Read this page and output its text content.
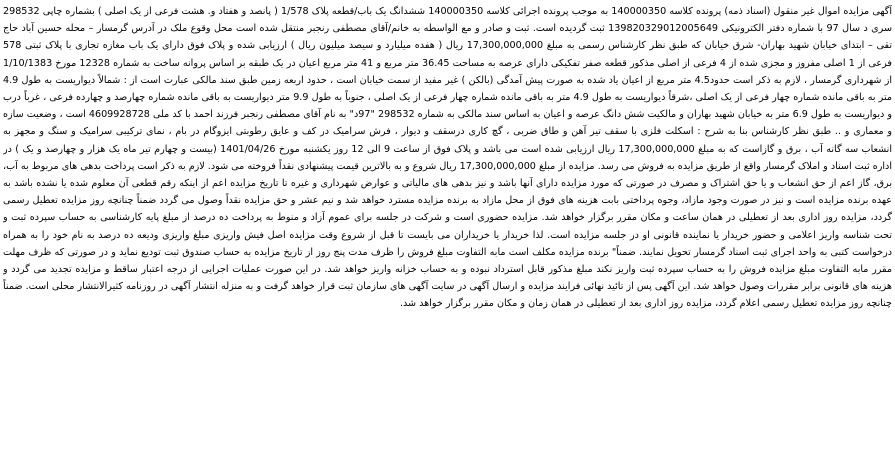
آگهی مزایده اموال غیر منقول (اسناد ذمه) پرونده کلاسه 140000350 به موجب پرونده اجرائی کلاسه 140000350 ششدانگ یک باب/قطعه پلاک 1/578 ( پانصد و هفتاد و. هشت فرعی از یک اصلی ) بشماره چاپی 298532 سری د سال 97 با شماره دفتر الکترونیکی 139820329012005649 ثبت گردیده است. ثبت و صادر و مع الواسطه به خانم/آقای مصطفی رنجبر منتقل شده است محل وقوع ملک در آدرس گرمسار – محله حسین آباد حاج تقی – ابتدای خیابان شهید بهاران- شرق خیابان که طبق نظر کارشناس رسمی به مبلغ 17,300,000,000 ریال ( هفده میلیارد و سیصد میلیون ریال ) ارزیابی شده و پلاک فوق دارای یک باب مغازه تجاری با پلاک ثبتی 578 فرعی از 1 اصلی مفروز و مجزی شده از 4 فرعی از اصلی مذکور قطعه صفر تفکیکی دارای عرصه به مساحت 36.45 متر مربع و 41 متر مربع اعیان در یک طبقه بر اساس پروانه ساخت به شماره 12328 مورخ 1/10/1383 از شهرداری گرمسار ، لازم به ذکر است حدود4.5 متر مربع از اعیان یاد شده به صورت پیش آمدگی (بالکن ) غیر مفید از سمت خیابان است ، حدود اربعه زمین طبق سند مالکی عبارت است از : شمالاً دیواریست به طول 4.9 متر به باقی مانده شماره چهار فرعی از یک اصلی ،شرقاً دیواریست به طول 4.9 متر به باقی مانده شماره چهار فرعی از یک اصلی ، جنوباً به طول 9.9 متر دیواریست به باقی مانده شماره چهارصد و چهارده فرعی ، غرباً درب و دیواریست به طول 6.9 متر به خیابان شهید بهاران و مالکیت شش دانگ عرصه و اعیان به اساس سند مالکی به شماره 298532 "97د" به نام آقای مصطفی رنجبر فرزند احمد با کد ملی 4609928728 است ، وضعیت سازه و معماری و .. طبق نظر کارشناس بنا به شرح : اسکلت فلزی با سقف تیر آهن و طاق ضربی ، گچ کاری درسقف و دیوار ، فرش سرامیک در کف و عایق رطوبتی ایزوگام در بام ، نمای ترکیبی سرامیک و سنگ و مجهز به انشعاب سه گانه آب ، برق و گازاست که به مبلغ 17,300,000,000 ریال ارزیابی شده است می باشد و پلاک فوق از ساعت 9 الی 12 روز یکشنبه مورخ 1401/04/26 (بیست و چهارم تیر ماه یک هزار و چهارصد و یک ) در اداره ثبت اسناد و املاک گرمسار واقع از طریق مزایده به فروش می رسد. مزایده از مبلغ 17,300,000,000 ریال شروع و به بالاترین قیمت پیشنهادی نقداً فروخته می شود. لازم به ذکر است پرداخت بدهی های مربوط به آب، برق، گاز اعم از حق انشعاب و یا حق اشتراک و مصرف در صورتی که مورد مزایده دارای آنها باشد و نیز بدهی های مالیاتی و عوارض شهرداری و غیره تا تاریخ مزایده اعم از اینکه رقم قطعی آن معلوم شده یا نشده باشد به عهده برنده مزایده است و نیز در صورت وجود مازاد، وجوه پرداختی بابت هزینه های فوق از محل مازاد به برنده مزایده مسترد خواهد شد و نیم عشر و حق مزایده نقداً وصول می گردد ضمناً چنانچه روز مزایده تعطیل رسمی گردد، مزایده روز اداری بعد از تعطیلی در همان ساعت و مکان مقرر برگزار خواهد شد. مزایده حضوری است و شرکت در جلسه برای عموم آزاد و منوط به پرداخت ده درصد از مبلغ پایه کارشناسی به حساب سپرده ثبت و تحت شناسه واریز اعلامی و حضور خریدار یا نماینده قانونی او در جلسه مزایده است. لذا خریدار یا خریداران می بایست تا قبل از شروع وقت مزایده اصل فیش واریزی مبلغ واریزی ودیعه ده درصد به نام خود را به همراه درخواست کتبی به واحد اجرای ثبت اسناد گرمسار تحویل نمایند. ضمناً" برنده مزایده مکلف است مابه التفاوت مبلغ فروش را ظرف مدت پنج روز از تاریخ مزایده به حساب صندوق ثبت تودیع نماید و در صورتی که ظرف مهلت مقرر مابه التفاوت مبلغ مزایده فروش را به حساب سپرده ثبت واریز نکند مبلغ مذکور قابل استرداد نبوده و به حساب خزانه واریز خواهد شد. در این صورت عملیات اجرایی از درجه اعتبار ساقط و مزایده تجدید می گردد و هزینه های قانونی برابر مقررات وصول خواهد شد. این آگهی پس از تائید نهائی فرایند مزایده و ارسال آگهی در سایت آگهی های سازمان ثبت قرار خواهد گرفت و به منزله انتشار آگهی در روزنامه کثیرالانتشار محلی است. ضمناً چنانچه روز مزایده تعطیل رسمی اعلام گردد، مزایده روز اداری بعد از تعطیلی در همان زمان و مکان مقرر برگزار خواهد شد.
